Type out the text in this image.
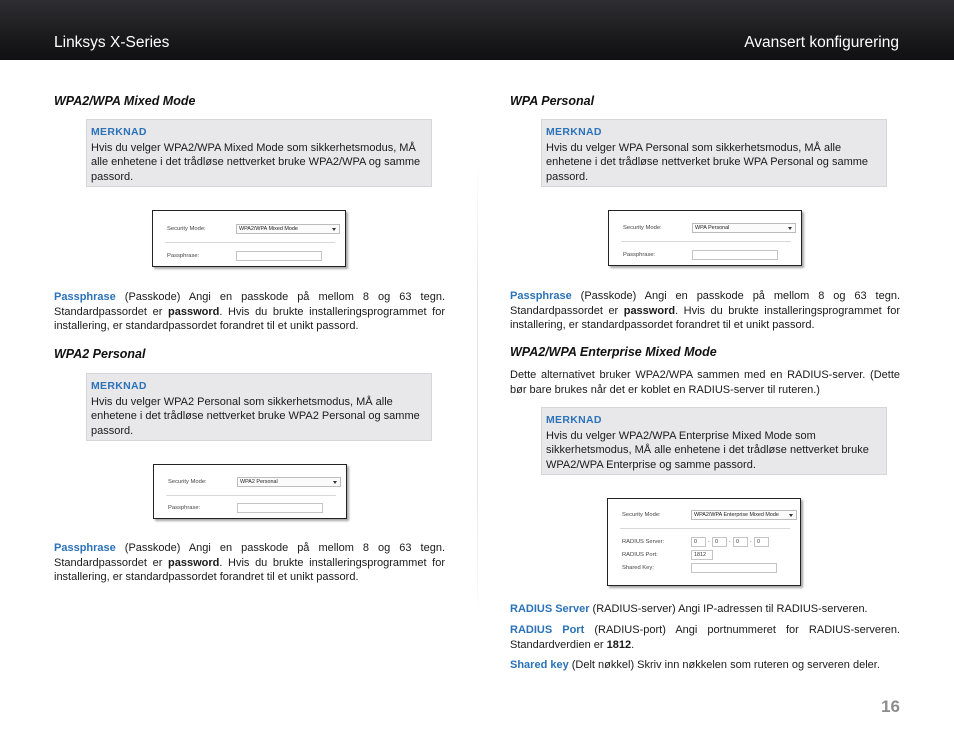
Linksys X-Series	Avansert konfigurering
WPA2/WPA Mixed Mode
MERKNAD
Hvis du velger WPA2/WPA Mixed Mode som sikkerhetsmodus, MÅ
alle enhetene i det trådløse nettverket bruke WPA2/WPA og samme
passord.
Security Mode:	WPA2/WPA Mixed Mode
Passphrase:
Passphrase (Passkode) Angi en passkode på mellom 8 og 63 tegn. Standardpassordet er password. Hvis du brukte installeringsprogrammet for installering, er standardpassordet forandret til et unikt passord.
WPA2 Personal
MERKNAD
Hvis du velger WPA2 Personal som sikkerhetsmodus, MÅ alle
enhetene i det trådløse nettverket bruke WPA2 Personal og samme
passord.
Security Mode:	WPA2 Personal
Passphrase:
Passphrase (Passkode) Angi en passkode på mellom 8 og 63 tegn. Standardpassordet er password. Hvis du brukte installeringsprogrammet for installering, er standardpassordet forandret til et unikt passord.
WPA Personal
MERKNAD
Hvis du velger WPA Personal som sikkerhetsmodus, MÅ alle
enhetene i det trådløse nettverket bruke WPA Personal og samme
passord.
Security Mode:	WPA Personal
Passphrase:
Passphrase (Passkode) Angi en passkode på mellom 8 og 63 tegn. Standardpassordet er password. Hvis du brukte installeringsprogrammet for installering, er standardpassordet forandret til et unikt passord.
WPA2/WPA Enterprise Mixed Mode
Dette alternativet bruker WPA2/WPA sammen med en RADIUS-server. (Dette bør bare brukes når det er koblet en RADIUS-server til ruteren.)
MERKNAD
Hvis du velger WPA2/WPA Enterprise Mixed Mode som
sikkerhetsmodus, MÅ alle enhetene i det trådløse nettverket bruke
WPA2/WPA Enterprise og samme passord.
Security Mode:	WPA2/WPA Enterprise Mixed Mode
RADIUS Server:	0	. 0	. 0	. 0
RADIUS Port:	1812
Shared Key:
RADIUS Server (RADIUS-server) Angi IP-adressen til RADIUS-serveren.
RADIUS Port (RADIUS-port) Angi portnummeret for RADIUS-serveren. Standardverdien er 1812.
Shared key (Delt nøkkel) Skriv inn nøkkelen som ruteren og serveren deler.
16
